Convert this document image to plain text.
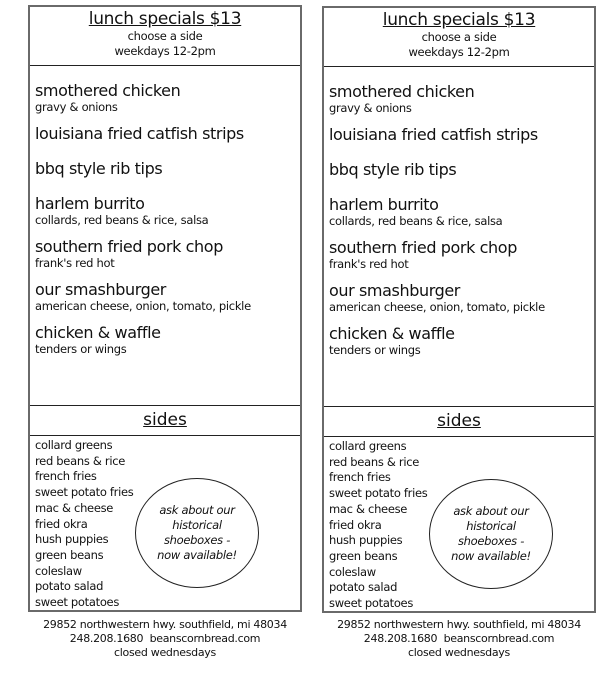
lunch specials $13
choose a side
weekdays 12-2pm
smothered chicken
gravy & onions
louisiana fried catfish strips
bbq style rib tips
harlem burrito
collards, red beans & rice, salsa
southern fried pork chop
frank's red hot
our smashburger
american cheese, onion, tomato, pickle
chicken & waffle
tenders or wings
sides
collard greens
red beans & rice
french fries
sweet potato fries
mac & cheese
fried okra
hush puppies
green beans
coleslaw
potato salad
sweet potatoes
ask about our
historical
shoeboxes -
now available!
29852 northwestern hwy. southfield, mi 48034
248.208.1680  beanscornbread.com
closed wednesdays
lunch specials $13
choose a side
weekdays 12-2pm
smothered chicken
gravy & onions
louisiana fried catfish strips
bbq style rib tips
harlem burrito
collards, red beans & rice, salsa
southern fried pork chop
frank's red hot
our smashburger
american cheese, onion, tomato, pickle
chicken & waffle
tenders or wings
sides
collard greens
red beans & rice
french fries
sweet potato fries
mac & cheese
fried okra
hush puppies
green beans
coleslaw
potato salad
sweet potatoes
ask about our
historical
shoeboxes -
now available!
29852 northwestern hwy. southfield, mi 48034
248.208.1680  beanscornbread.com
closed wednesdays
